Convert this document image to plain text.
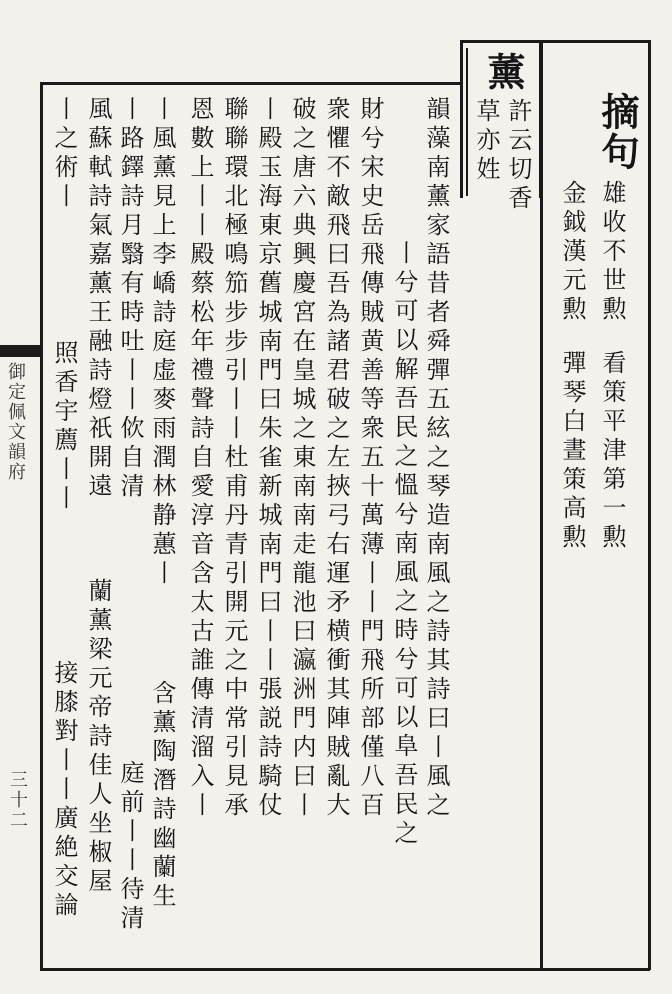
摘句
雄收不世勲
看策平津第一勲
金鉞漢元勲
彈琴白晝策高勲
薰
許云切香
草亦姓
韻藻南薰家語昔者舜彈五絃之琴造南風之詩其詩曰丨風之
丨兮可以解吾民之慍兮南風之時兮可以阜吾民之
財兮宋史岳飛傳賊黄善等衆五十萬薄丨丨門飛所部僅八百
衆懼不敵飛曰吾為諸君破之左挾弓右運矛横衝其陣賊亂大
破之唐六典興慶宮在皇城之東南南走龍池曰瀛洲門内曰丨
丨殿玉海東京舊城南門曰朱雀新城南門曰丨丨張説詩騎仗
聯聯環北極鳴笳步步引丨丨杜甫丹青引開元之中常引見承
恩數上丨丨殿蔡松年禮聲詩自愛淳音含太古誰傳清溜入丨
丨風薰見上李嶠詩庭虚麥雨潤林静蕙丨
含薰陶潛詩幽蘭生
丨路鐸詩月翳有時吐丨丨佽自清
庭前丨丨待清
風蘇軾詩氣嘉薰王融詩燈祇開遠
蘭薰梁元帝詩佳人坐椒屋
丨之術丨
照香宇薦丨丨
接膝對丨丨廣絶交論
御定佩文韻府
三十二
